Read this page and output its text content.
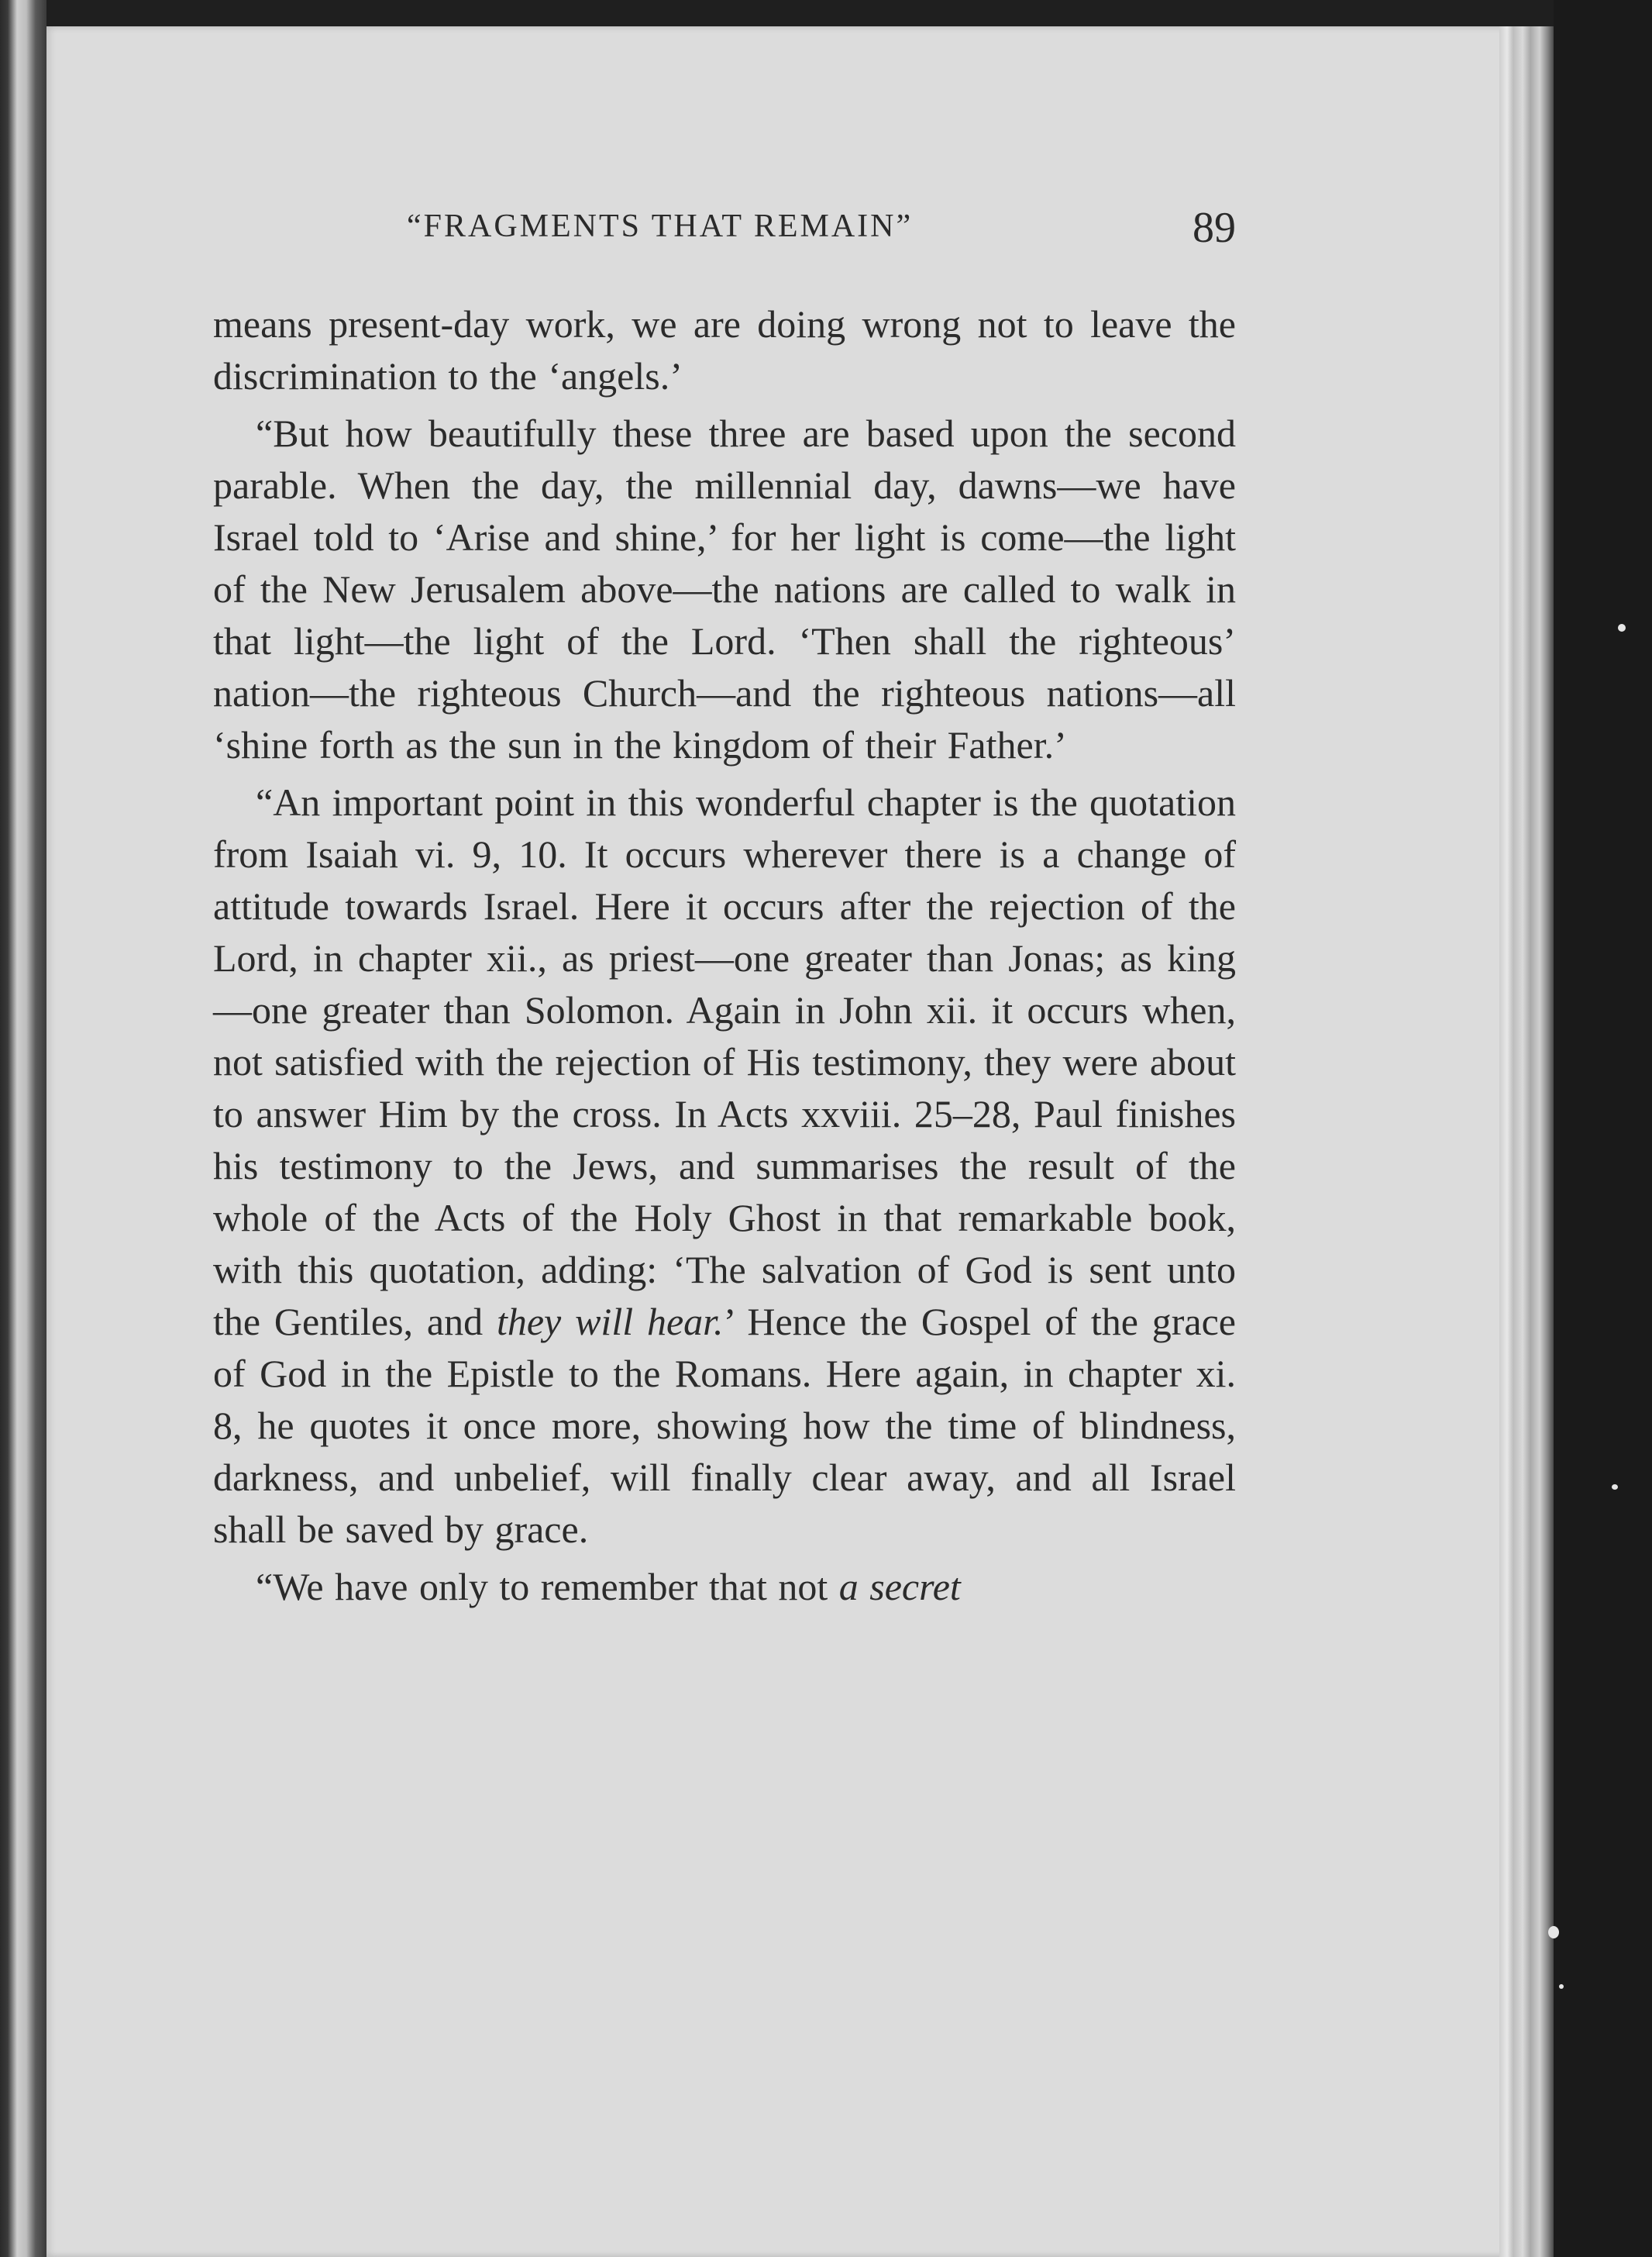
“FRAGMENTS THAT REMAIN”	89

means present-day work, we are doing wrong not to leave the discrimination to the ‘angels.’

“But how beautifully these three are based upon the second parable. When the day, the millennial day, dawns—we have Israel told to ‘Arise and shine,’ for her light is come—the light of the New Jerusalem above—the nations are called to walk in that light—the light of the Lord. ‘Then shall the righteous’ nation—the righteous Church—and the righteous nations—all ‘shine forth as the sun in the kingdom of their Father.’

“An important point in this wonderful chapter is the quotation from Isaiah vi. 9, 10. It occurs wherever there is a change of attitude towards Israel. Here it occurs after the rejection of the Lord, in chapter xii., as priest—one greater than Jonas; as king—one greater than Solomon. Again in John xii. it occurs when, not satisfied with the rejection of His testimony, they were about to answer Him by the cross. In Acts xxviii. 25–28, Paul finishes his testimony to the Jews, and summarises the result of the whole of the Acts of the Holy Ghost in that remarkable book, with this quotation, adding: ‘The salvation of God is sent unto the Gentiles, and they will hear.’ Hence the Gospel of the grace of God in the Epistle to the Romans. Here again, in chapter xi. 8, he quotes it once more, showing how the time of blindness, darkness, and unbelief, will finally clear away, and all Israel shall be saved by grace.

“We have only to remember that not a secret
